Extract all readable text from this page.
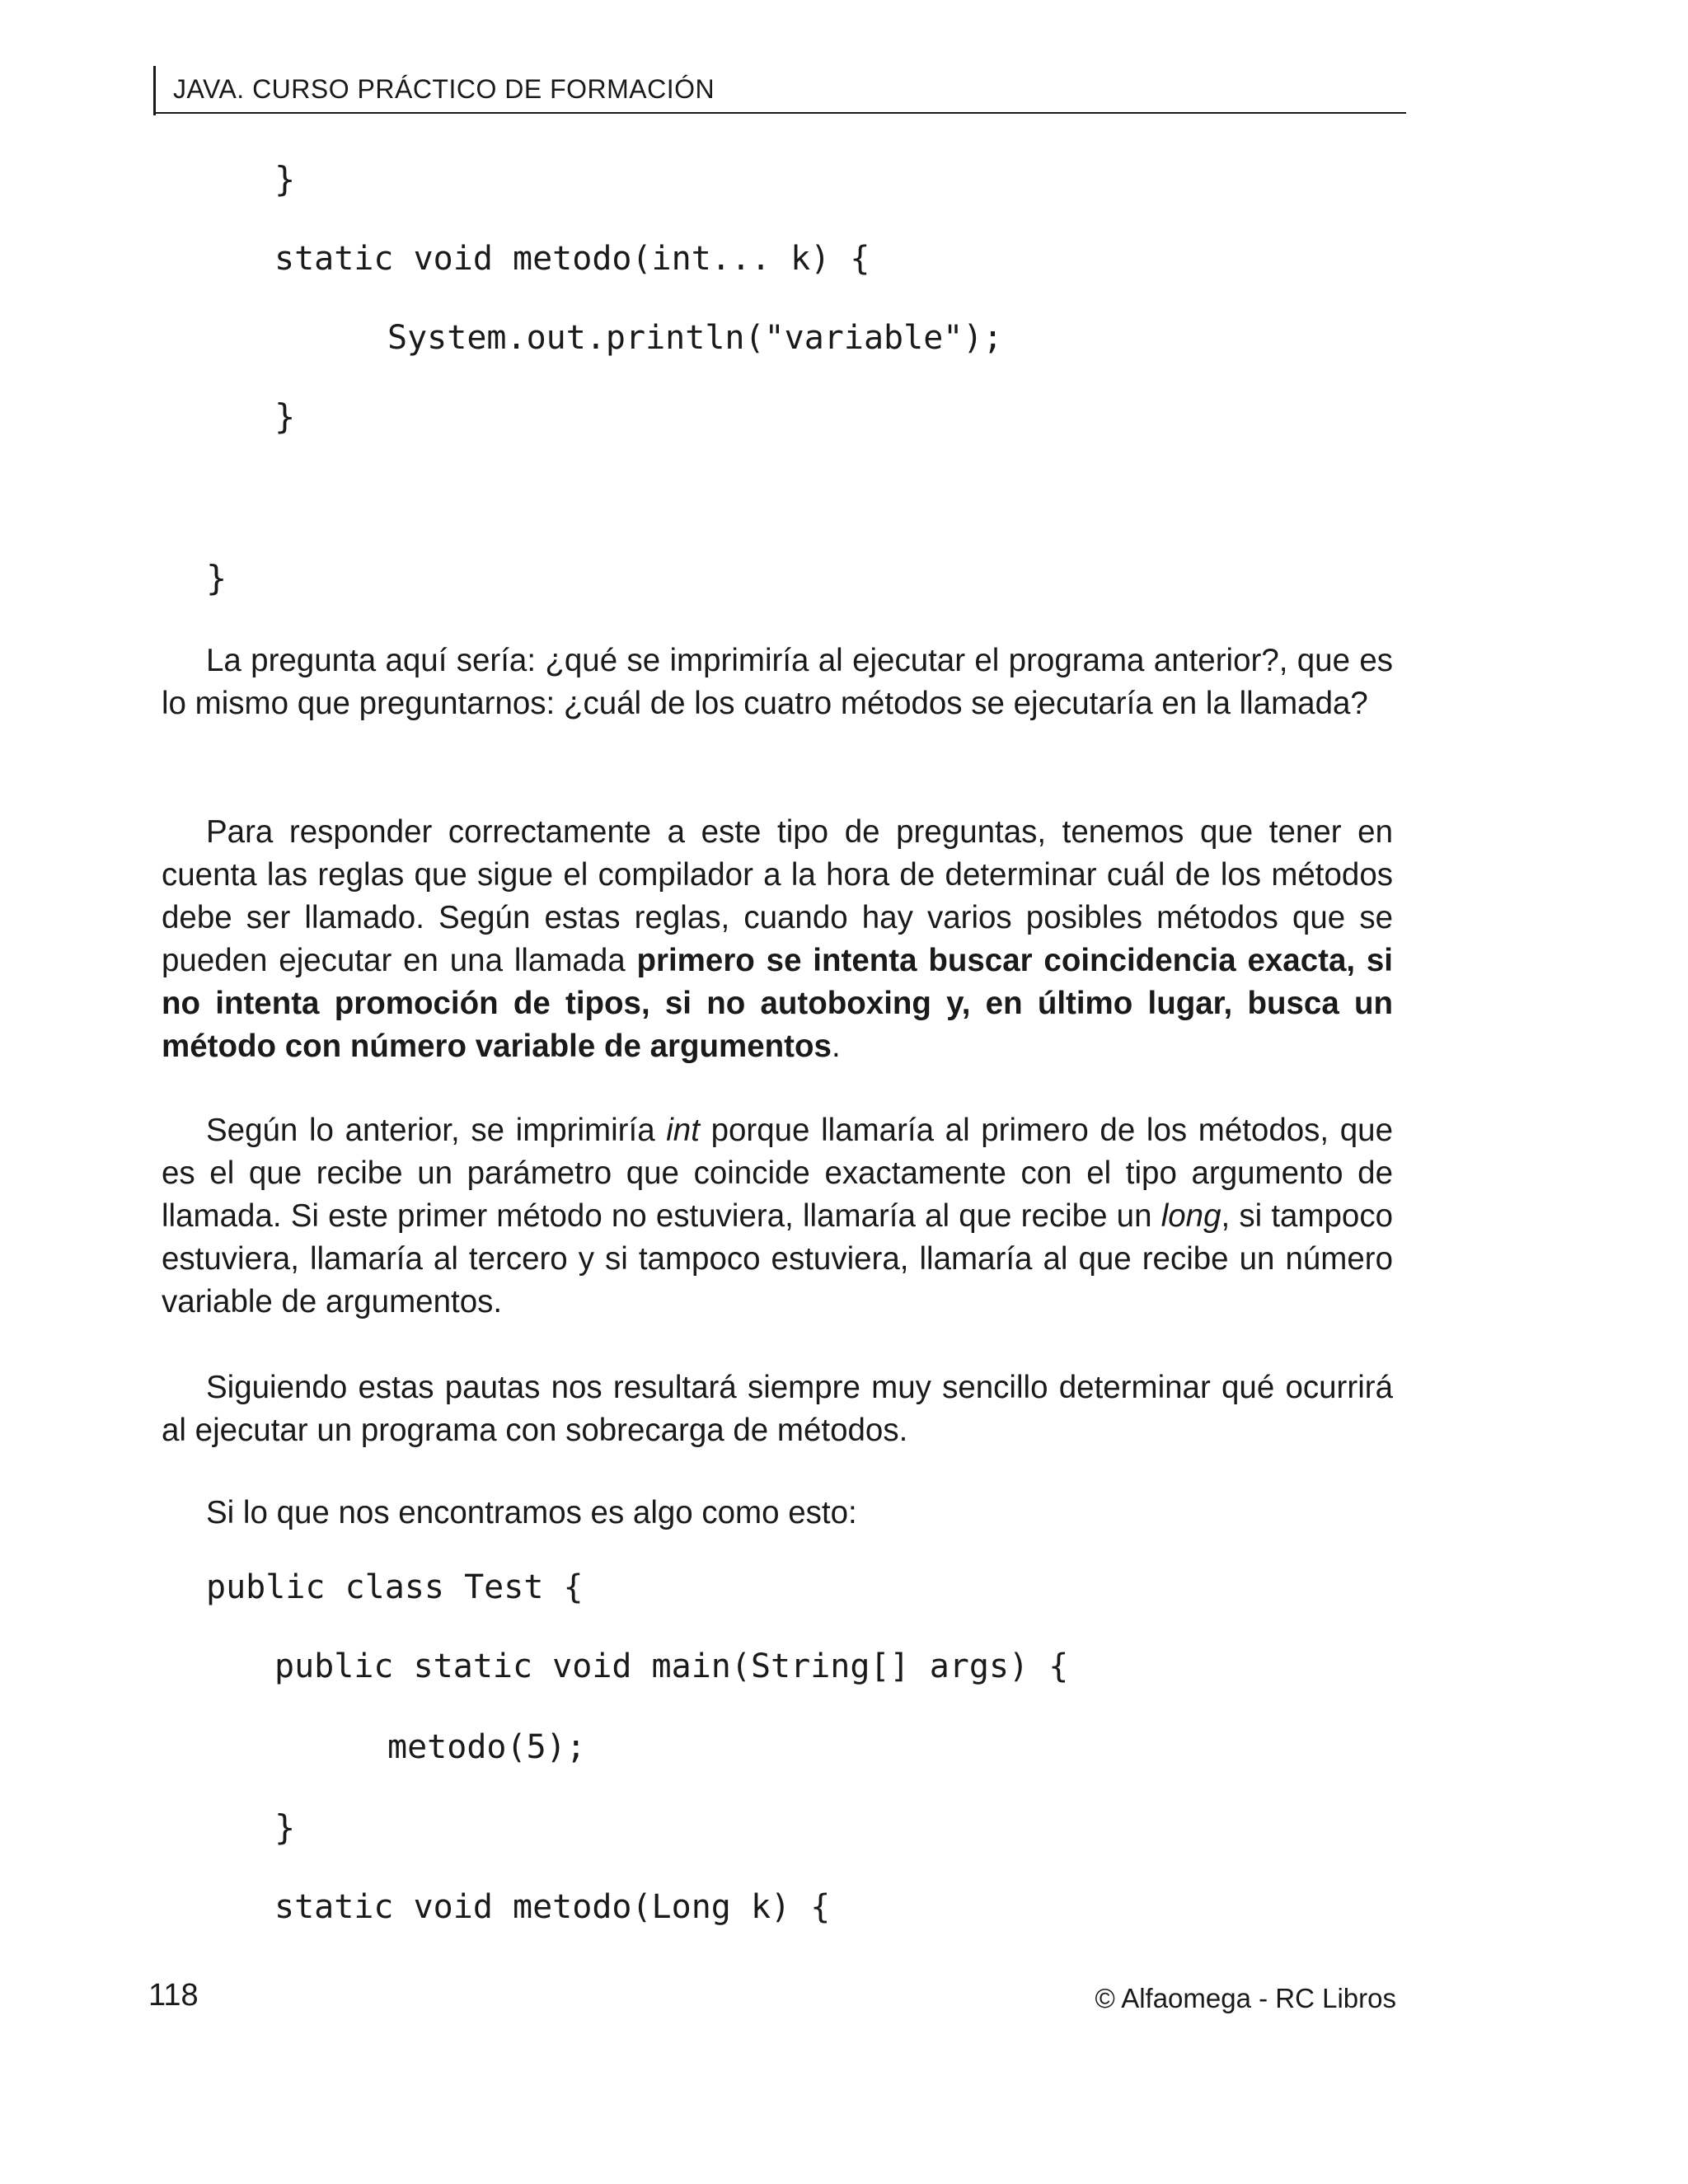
JAVA. CURSO PRÁCTICO DE FORMACIÓN
}
static void metodo(int... k) {
System.out.println("variable");
}
}
La pregunta aquí sería: ¿qué se imprimiría al ejecutar el programa anterior?, que es lo mismo que preguntarnos: ¿cuál de los cuatro métodos se ejecutaría en la llamada?
Para responder correctamente a este tipo de preguntas, tenemos que tener en cuenta las reglas que sigue el compilador a la hora de determinar cuál de los métodos debe ser llamado. Según estas reglas, cuando hay varios posibles métodos que se pueden ejecutar en una llamada primero se intenta buscar coincidencia exacta, si no intenta promoción de tipos, si no autoboxing y, en último lugar, busca un método con número variable de argumentos.
Según lo anterior, se imprimiría int porque llamaría al primero de los métodos, que es el que recibe un parámetro que coincide exactamente con el tipo argumento de llamada. Si este primer método no estuviera, llamaría al que recibe un long, si tampoco estuviera, llamaría al tercero y si tampoco estuviera, llamaría al que recibe un número variable de argumentos.
Siguiendo estas pautas nos resultará siempre muy sencillo determinar qué ocurrirá al ejecutar un programa con sobrecarga de métodos.
Si lo que nos encontramos es algo como esto:
public class Test {
public static void main(String[] args) {
metodo(5);
}
static void metodo(Long k) {
118	© Alfaomega - RC Libros
